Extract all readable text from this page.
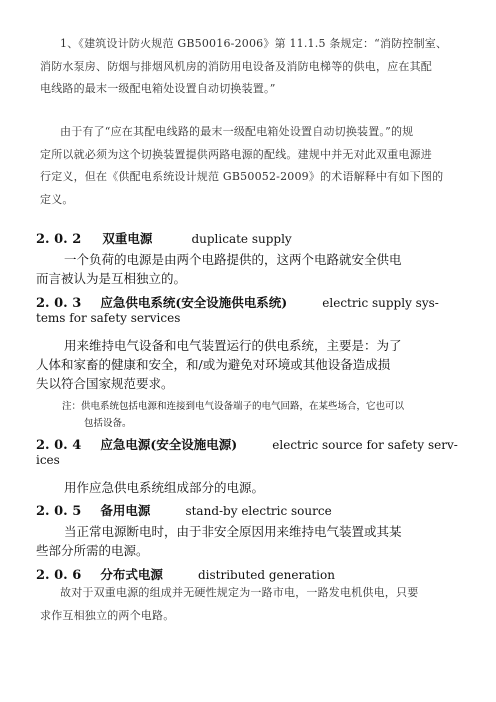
1、《建筑设计防火规范 GB50016-2006》第 11.1.5 条规定：“消防控制室、
消防水泵房、防烟与排烟风机房的消防用电设备及消防电梯等的供电，应在其配
电线路的最末一级配电箱处设置自动切换装置。”
由于有了“应在其配电线路的最末一级配电箱处设置自动切换装置。”的规
定所以就必须为这个切换装置提供两路电源的配线。建规中并无对此双重电源进
行定义，但在《供配电系统设计规范 GB50052-2009》的术语解释中有如下图的
定义。
2. 0. 2 双重电源	duplicate supply
一个负荷的电源是由两个电路提供的，这两个电路就安全供电
而言被认为是互相独立的。
2. 0. 3 应急供电系统(安全设施供电系统)	electric supply sys-
tems for safety services
用来维持电气设备和电气装置运行的供电系统，主要是：为了
人体和家畜的健康和安全，和/或为避免对环境或其他设备造成损
失以符合国家规范要求。
注：供电系统包括电源和连接到电气设备端子的电气回路，在某些场合，它也可以
包括设备。
2. 0. 4 应急电源(安全设施电源)	electric source for safety serv-
ices
用作应急供电系统组成部分的电源。
2. 0. 5 备用电源	stand-by electric source
当正常电源断电时，由于非安全原因用来维持电气装置或其某
些部分所需的电源。
2. 0. 6 分布式电源	distributed generation
故对于双重电源的组成并无硬性规定为一路市电，一路发电机供电，只要
求作互相独立的两个电路。
